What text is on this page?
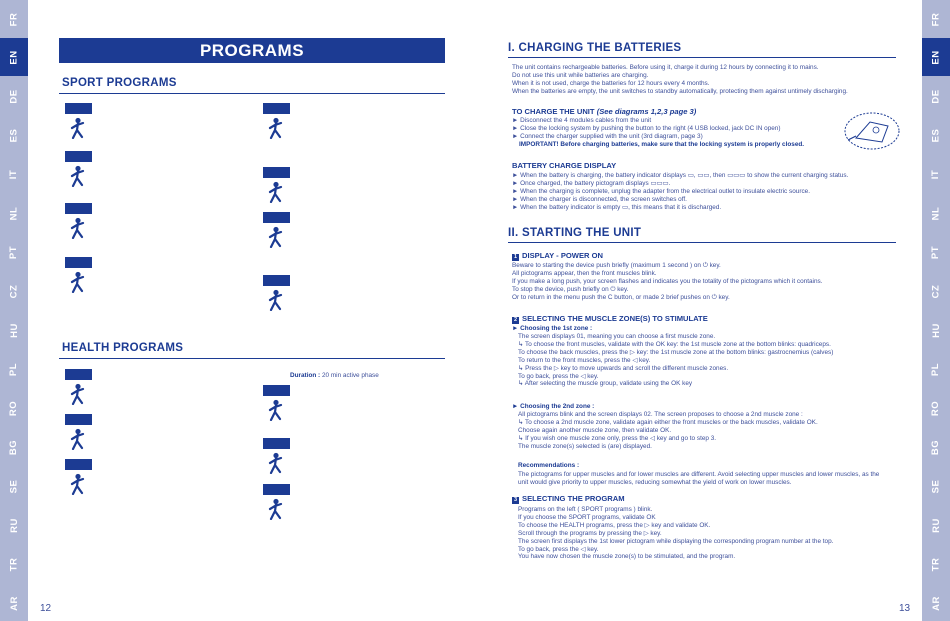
FR
EN
DE
ES
IT
NL
PT
CZ
HU
PL
RO
BG
SE
RU
TR
AR
FR
EN
DE
ES
IT
NL
PT
CZ
HU
PL
RO
BG
SE
RU
TR
AR
12	13
PROGRAMS
SPORT PROGRAMS

HEALTH PROGRAMS

Duration : 20 min active phase
I. CHARGING THE BATTERIES
The unit contains rechargeable batteries. Before using it, charge it during 12 hours by connecting it to mains.
Do not use this unit while batteries are charging.
When it is not used, charge the batteries for 12 hours every 4 months.
When the batteries are empty, the unit switches to standby automatically, protecting them against untimely discharging.
TO CHARGE THE UNIT (See diagrams 1,2,3 page 3)
► Disconnect the 4 modules cables from the unit
► Close the locking system by pushing the button to the right (4 USB locked, jack DC IN open)
► Connect the charger supplied with the unit (3rd diagram, page 3)
IMPORTANT! Before charging batteries, make sure that the locking system is properly closed.
BATTERY CHARGE DISPLAY
► When the battery is charging, the battery indicator displays ▭, ▭▭, then ▭▭▭ to show the current charging status.
► Once charged, the battery pictogram displays ▭▭▭.
► When the charging is complete, unplug the adapter from the electrical outlet to insulate electric source.
► When the charger is disconnected, the screen switches off.
► When the battery indicator is empty ▭, this means that it is discharged.
II. STARTING THE UNIT
1 DISPLAY - POWER ON
Beware to starting the device push briefly (maximum 1 second ) on ⏻ key.
All pictograms appear, then the front muscles blink.
If you make a long push, your screen flashes and indicates you the totality of the pictograms which it contains.
To stop the device, push briefly on ⏻ key.
Or to return in the menu push the C button, or made 2 brief pushes on ⏻ key.
2 SELECTING THE MUSCLE ZONE(S) TO STIMULATE
► Choosing the 1st zone :
The screen displays 01, meaning you can choose a first muscle zone.
↳ To choose the front muscles, validate with the OK key: the 1st muscle zone at the bottom blinks: quadriceps.
To choose the back muscles, press the ▷ key: the 1st muscle zone at the bottom blinks: gastrocnemius (calves)
To return to the front muscles, press the ◁ key.
↳ Press the ▷ key to move upwards and scroll the different muscle zones.
To go back, press the ◁ key.
↳ After selecting the muscle group, validate using the OK key
► Choosing the 2nd zone :
All pictograms blink and the screen displays 02. The screen proposes to choose a 2nd muscle zone :
↳ To choose a 2nd muscle zone, validate again either the front muscles or the back muscles, validate OK.
Choose again another muscle zone, then validate OK.
↳ If you wish one muscle zone only, press the ◁ key and go to step 3.
The muscle zone(s) selected is (are) displayed.
Recommendations :
The pictograms for upper muscles and for lower muscles are different. Avoid selecting upper muscles and lower muscles, as the
unit would give priority to upper muscles, reducing somewhat the yield of work on lower muscles.
3 SELECTING THE PROGRAM
Programs on the left ( SPORT programs ) blink.
If you choose the SPORT programs, validate OK
To choose the HEALTH programs, press the ▷ key and validate OK.
Scroll through the programs by pressing the ▷ key.
The screen first displays the 1st lower pictogram while displaying the corresponding program number at the top.
To go back, press the ◁ key.
You have now chosen the muscle zone(s) to be stimulated, and the program.
